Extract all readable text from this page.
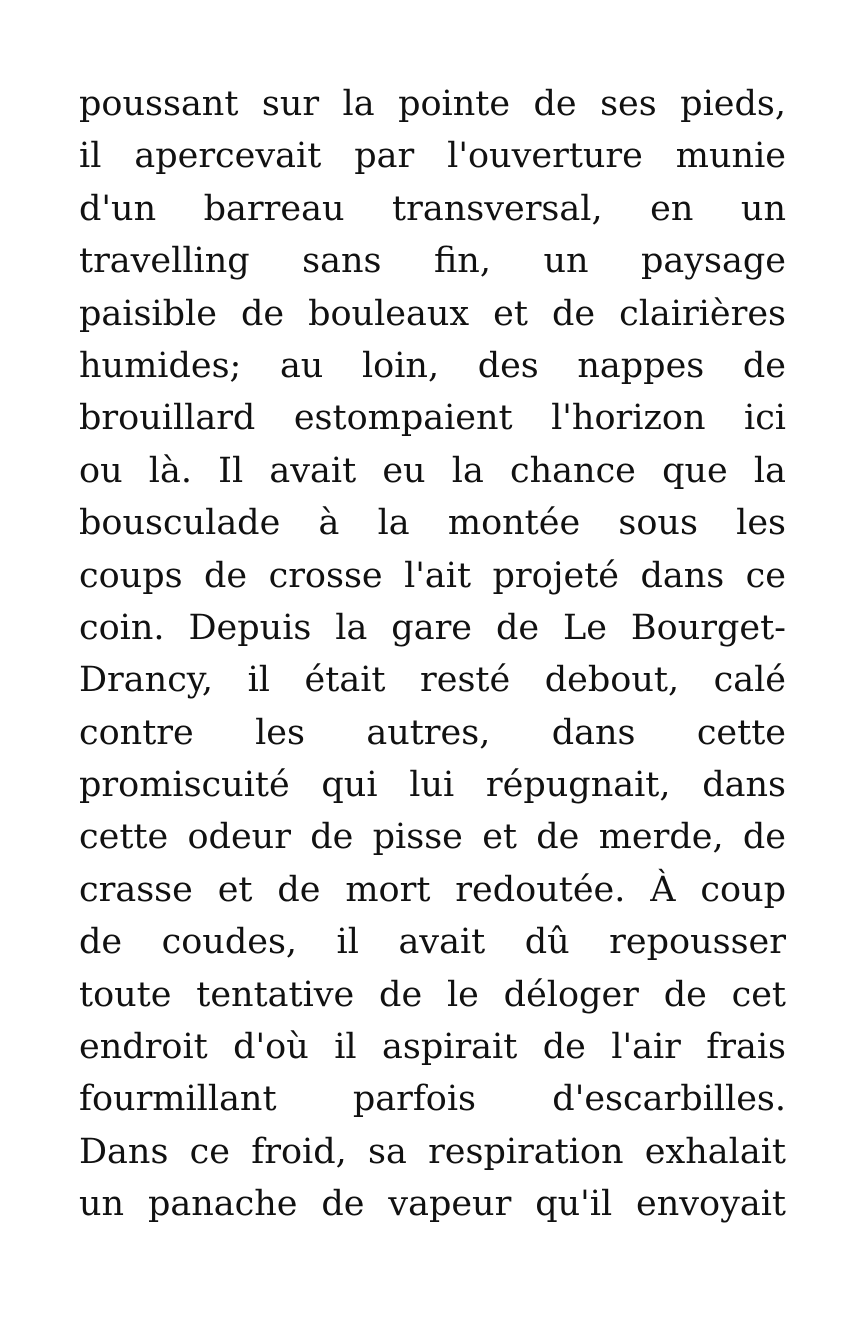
poussant sur la pointe de ses pieds,
il apercevait par l'ouverture munie
d'un barreau transversal, en un
travelling sans fin, un paysage
paisible de bouleaux et de clairières
humides; au loin, des nappes de
brouillard estompaient l'horizon ici
ou là. Il avait eu la chance que la
bousculade à la montée sous les
coups de crosse l'ait projeté dans ce
coin. Depuis la gare de Le Bourget-
Drancy, il était resté debout, calé
contre les autres, dans cette
promiscuité qui lui répugnait, dans
cette odeur de pisse et de merde, de
crasse et de mort redoutée. À coup
de coudes, il avait dû repousser
toute tentative de le déloger de cet
endroit d'où il aspirait de l'air frais
fourmillant parfois d'escarbilles.
Dans ce froid, sa respiration exhalait
un panache de vapeur qu'il envoyait
